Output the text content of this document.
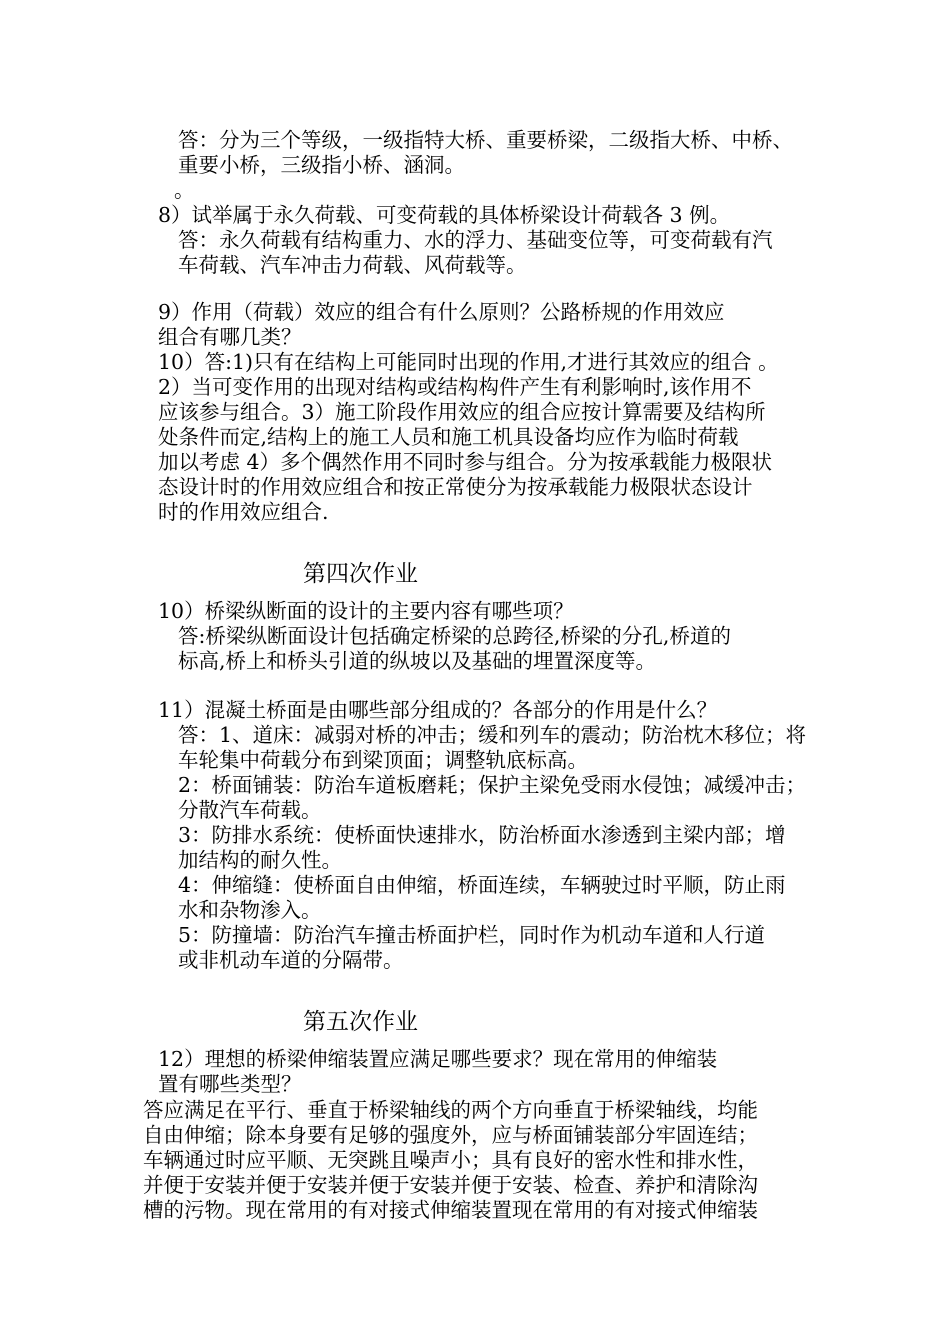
答：分为三个等级，一级指特大桥、重要桥梁，二级指大桥、中桥、
重要小桥，三级指小桥、涵洞。
。
8）试举属于永久荷载、可变荷载的具体桥梁设计荷载各 3 例。
答：永久荷载有结构重力、水的浮力、基础变位等，可变荷载有汽
车荷载、汽车冲击力荷载、风荷载等。
9）作用（荷载）效应的组合有什么原则？公路桥规的作用效应
组合有哪几类？
10）答:1)只有在结构上可能同时出现的作用,才进行其效应的组合 。
2）当可变作用的出现对结构或结构构件产生有利影响时,该作用不
应该参与组合。3）施工阶段作用效应的组合应按计算需要及结构所
处条件而定,结构上的施工人员和施工机具设备均应作为临时荷载
加以考虑 4）多个偶然作用不同时参与组合。分为按承载能力极限状
态设计时的作用效应组合和按正常使分为按承载能力极限状态设计
时的作用效应组合.
第四次作业
10）桥梁纵断面的设计的主要内容有哪些项？
答:桥梁纵断面设计包括确定桥梁的总跨径,桥梁的分孔,桥道的
标高,桥上和桥头引道的纵坡以及基础的埋置深度等。
11）混凝土桥面是由哪些部分组成的？各部分的作用是什么？
答：1、道床：减弱对桥的冲击；缓和列车的震动；防治枕木移位；将
车轮集中荷载分布到梁顶面；调整轨底标高。
2：桥面铺装：防治车道板磨耗；保护主梁免受雨水侵蚀；减缓冲击；
分散汽车荷载。
3：防排水系统：使桥面快速排水，防治桥面水渗透到主梁内部；增
加结构的耐久性。
4：伸缩缝：使桥面自由伸缩，桥面连续，车辆驶过时平顺，防止雨
水和杂物渗入。
5：防撞墙：防治汽车撞击桥面护栏，同时作为机动车道和人行道
或非机动车道的分隔带。
第五次作业
12）理想的桥梁伸缩装置应满足哪些要求？现在常用的伸缩装
置有哪些类型？
答应满足在平行、垂直于桥梁轴线的两个方向垂直于桥梁轴线，均能
自由伸缩；除本身要有足够的强度外，应与桥面铺装部分牢固连结；
车辆通过时应平顺、无突跳且噪声小；具有良好的密水性和排水性，
并便于安装并便于安装并便于安装并便于安装、检查、养护和清除沟
槽的污物。现在常用的有对接式伸缩装置现在常用的有对接式伸缩装
